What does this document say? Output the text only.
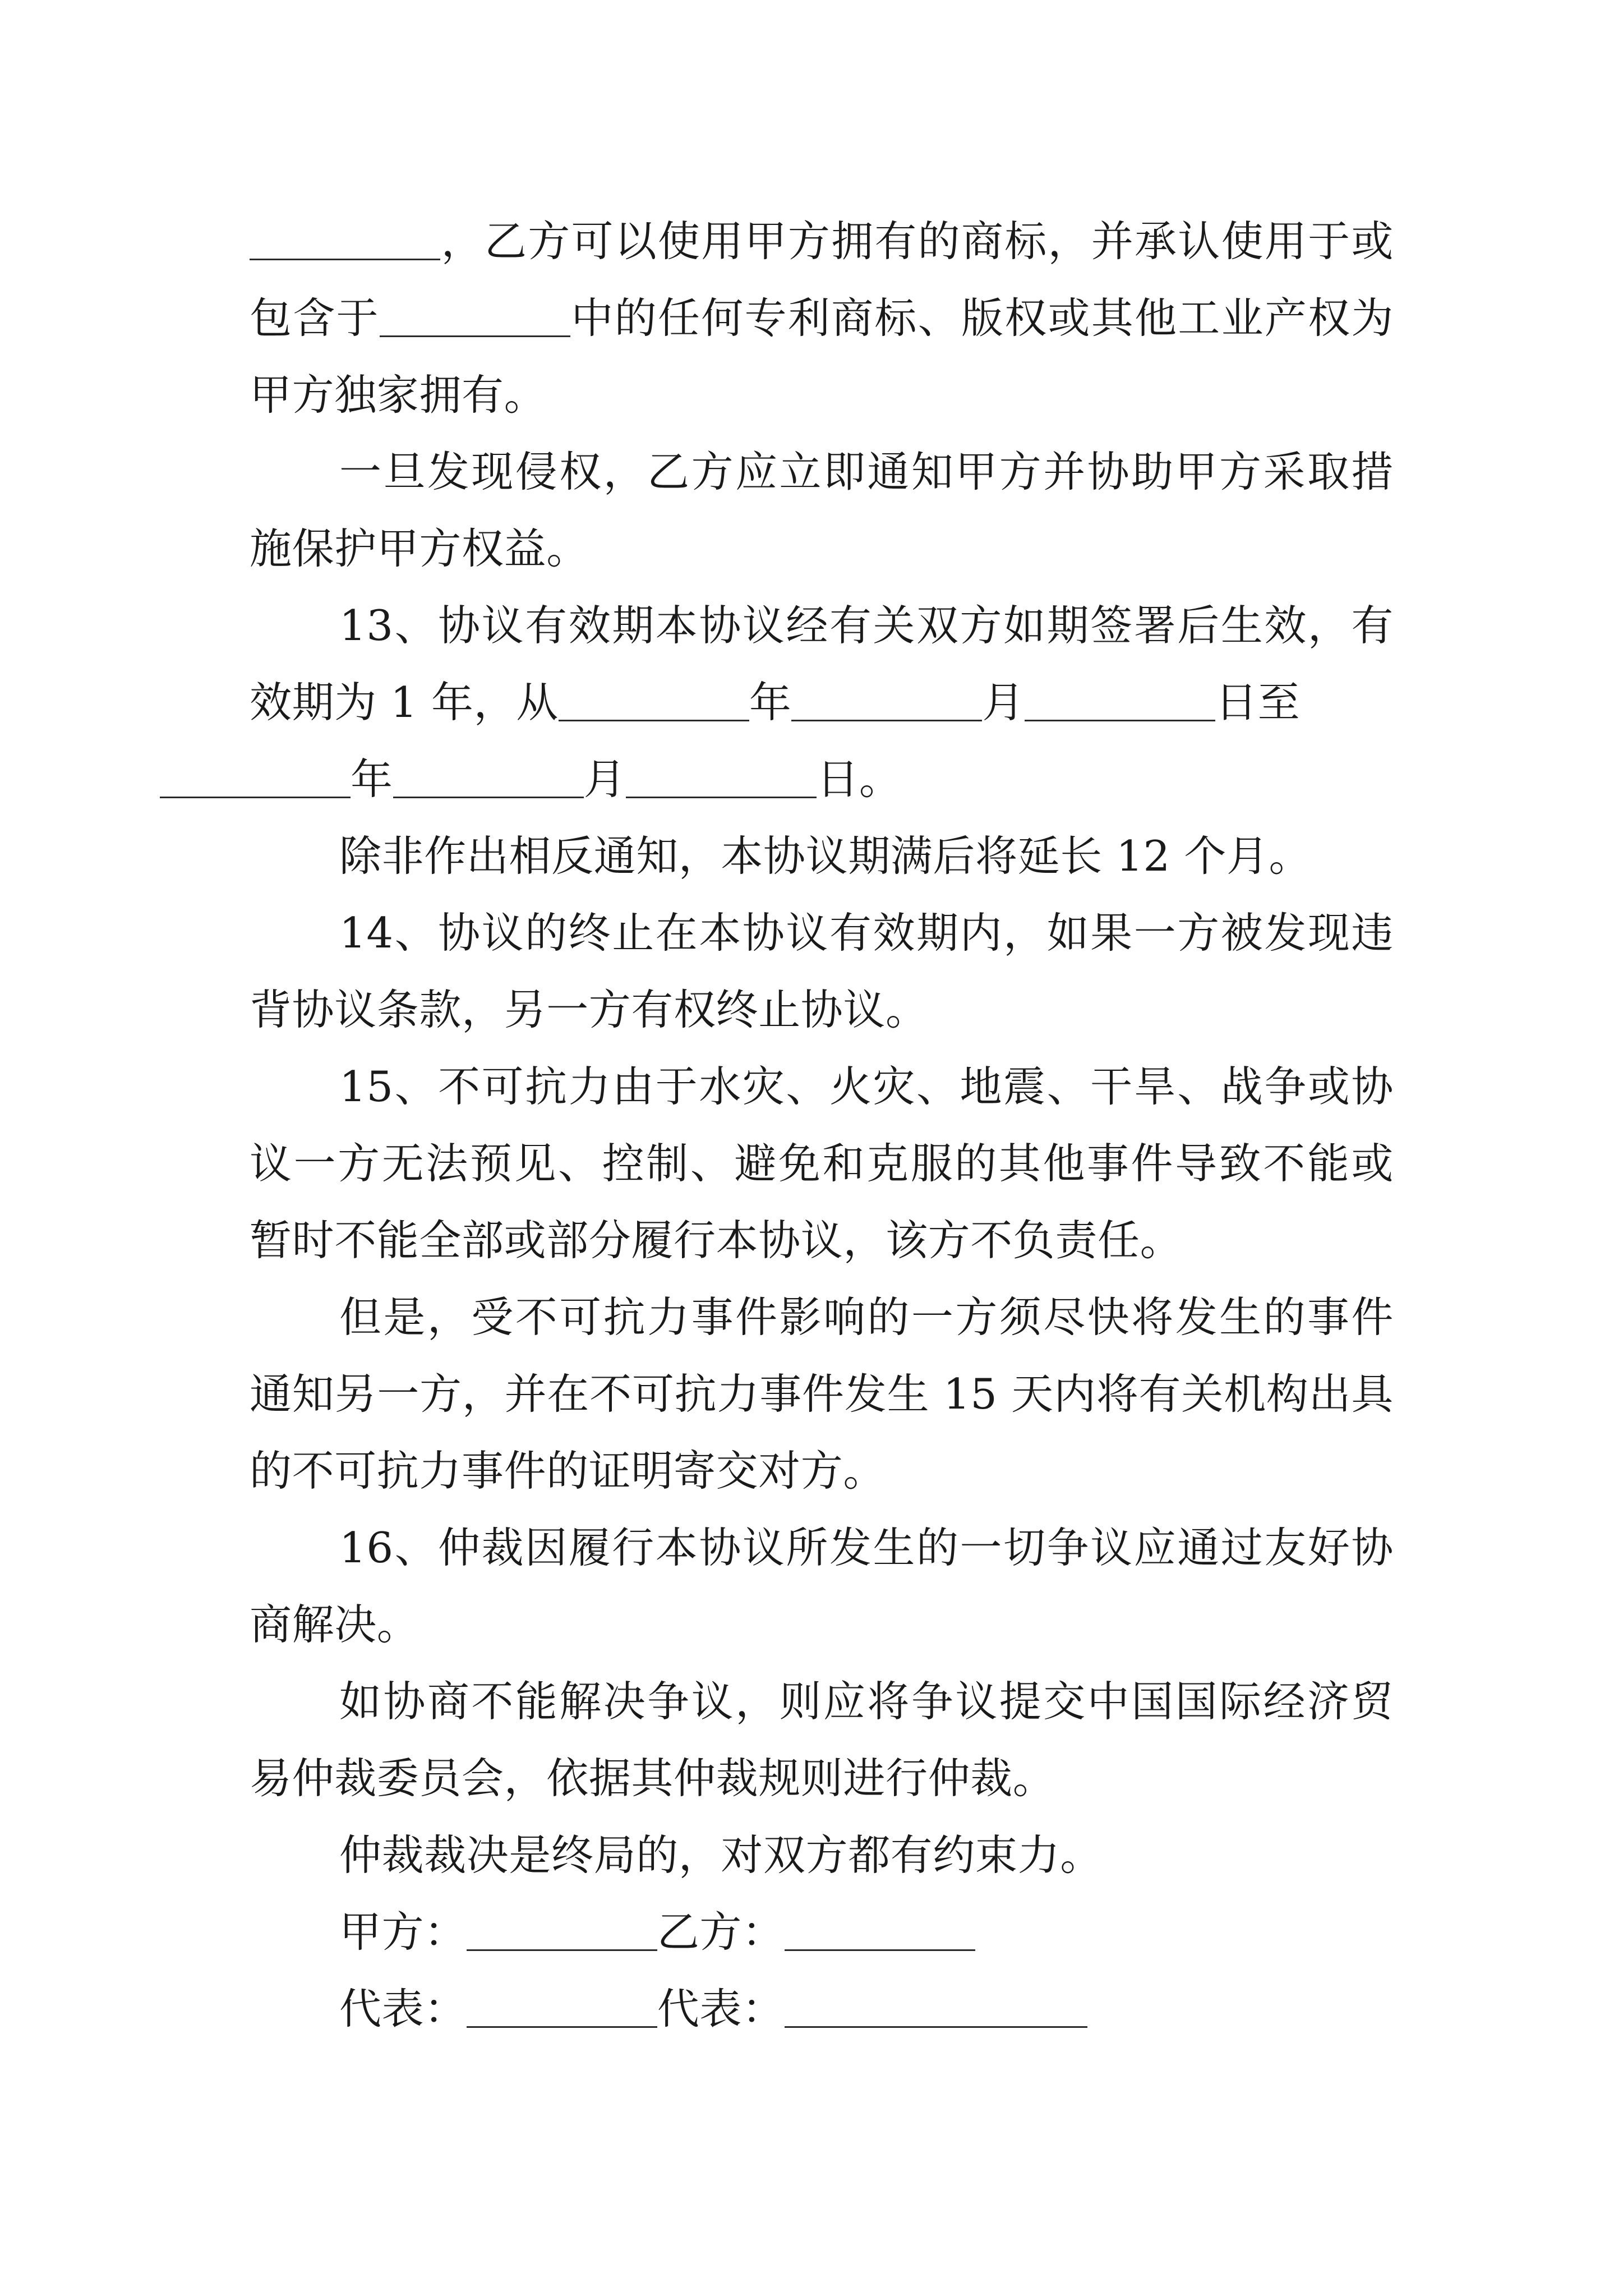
，乙方可以使用甲方拥有的商标，并承认使用于或包含于	中的任何专利商标、版权或其他工业产权为甲方独家拥有。

一旦发现侵权，乙方应立即通知甲方并协助甲方采取措施保护甲方权益。

13、协议有效期本协议经有关双方如期签署后生效，有效期为 1 年，从	年	月	日至
年	月	日。

除非作出相反通知，本协议期满后将延长 12 个月。

14、协议的终止在本协议有效期内，如果一方被发现违背协议条款，另一方有权终止协议。

15、不可抗力由于水灾、火灾、地震、干旱、战争或协议一方无法预见、控制、避免和克服的其他事件导致不能或暂时不能全部或部分履行本协议，该方不负责任。

但是，受不可抗力事件影响的一方须尽快将发生的事件通知另一方，并在不可抗力事件发生 15 天内将有关机构出具的不可抗力事件的证明寄交对方。

16、仲裁因履行本协议所发生的一切争议应通过友好协商解决。

如协商不能解决争议，则应将争议提交中国国际经济贸易仲裁委员会，依据其仲裁规则进行仲裁。

仲裁裁决是终局的，对双方都有约束力。

甲方：	乙方：

代表：	代表：
